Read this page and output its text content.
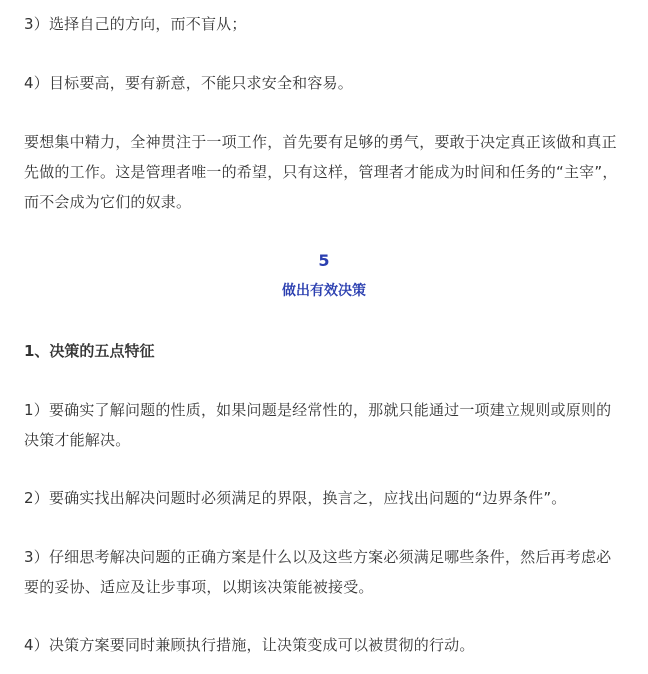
3）选择自己的方向，而不盲从；

4）目标要高，要有新意，不能只求安全和容易。

要想集中精力，全神贯注于一项工作，首先要有足够的勇气，要敢于决定真正该做和真正先做的工作。这是管理者唯一的希望，只有这样，管理者才能成为时间和任务的“主宰”，而不会成为它们的奴隶。

5
做出有效决策

1、决策的五点特征

1）要确实了解问题的性质，如果问题是经常性的，那就只能通过一项建立规则或原则的决策才能解决。

2）要确实找出解决问题时必须满足的界限，换言之，应找出问题的“边界条件”。

3）仔细思考解决问题的正确方案是什么以及这些方案必须满足哪些条件，然后再考虑必要的妥协、适应及让步事项，以期该决策能被接受。

4）决策方案要同时兼顾执行措施，让决策变成可以被贯彻的行动。
